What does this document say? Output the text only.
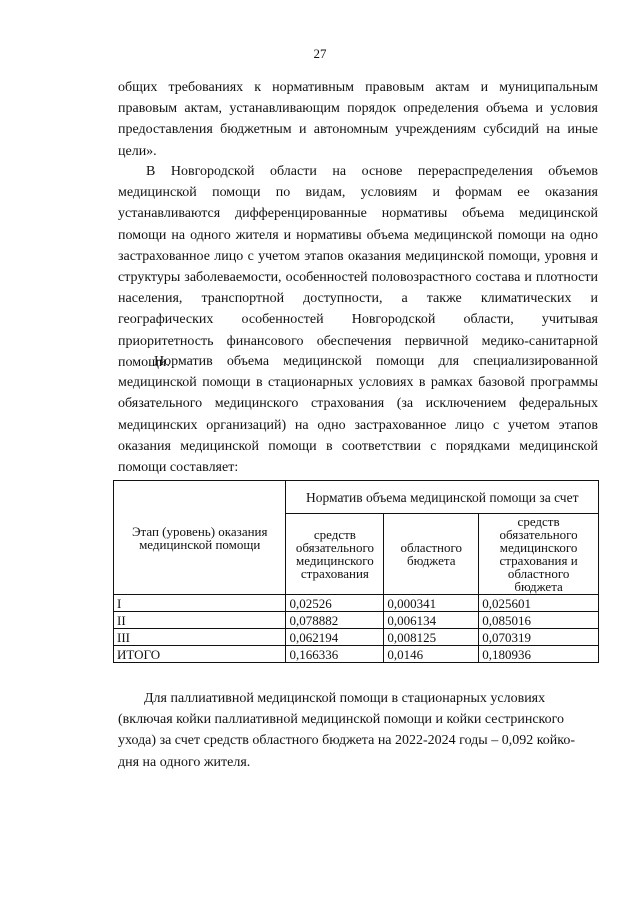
27

общих требованиях к нормативным правовым актам и муниципальным правовым актам, устанавливающим порядок определения объема и условия предоставления бюджетным и автономным учреждениям субсидий на иные цели».

В Новгородской области на основе перераспределения объемов медицинской помощи по видам, условиям и формам ее оказания устанавливаются дифференцированные нормативы объема медицинской помощи на одного жителя и нормативы объема медицинской помощи на одно застрахованное лицо с учетом этапов оказания медицинской помощи, уровня и структуры заболеваемости, особенностей половозрастного состава и плотности населения, транспортной доступности, а также климатических и географических особенностей Новгородской области, учитывая приоритетность финансового обеспечения первичной медико-санитарной помощи.

Норматив объема медицинской помощи для специализированной медицинской помощи в стационарных условиях в рамках базовой программы обязательного медицинского страхования (за исключением федеральных медицинских организаций) на одно застрахованное лицо с учетом этапов оказания медицинской помощи в соответствии с порядками медицинской помощи составляет:

Этап (уровень) оказания медицинской помощи	Норматив объема медицинской помощи за счет		
	средств обязательного медицинского страхования	областного бюджета	средств обязательного медицинского страхования и областного бюджета
I	0,02526	0,000341	0,025601
II	0,078882	0,006134	0,085016
III	0,062194	0,008125	0,070319
ИТОГО	0,166336	0,0146	0,180936

Для паллиативной медицинской помощи в стационарных условиях (включая койки паллиативной медицинской помощи и койки сестринского ухода) за счет средств областного бюджета на 2022-2024 годы – 0,092 койко-дня на одного жителя.
